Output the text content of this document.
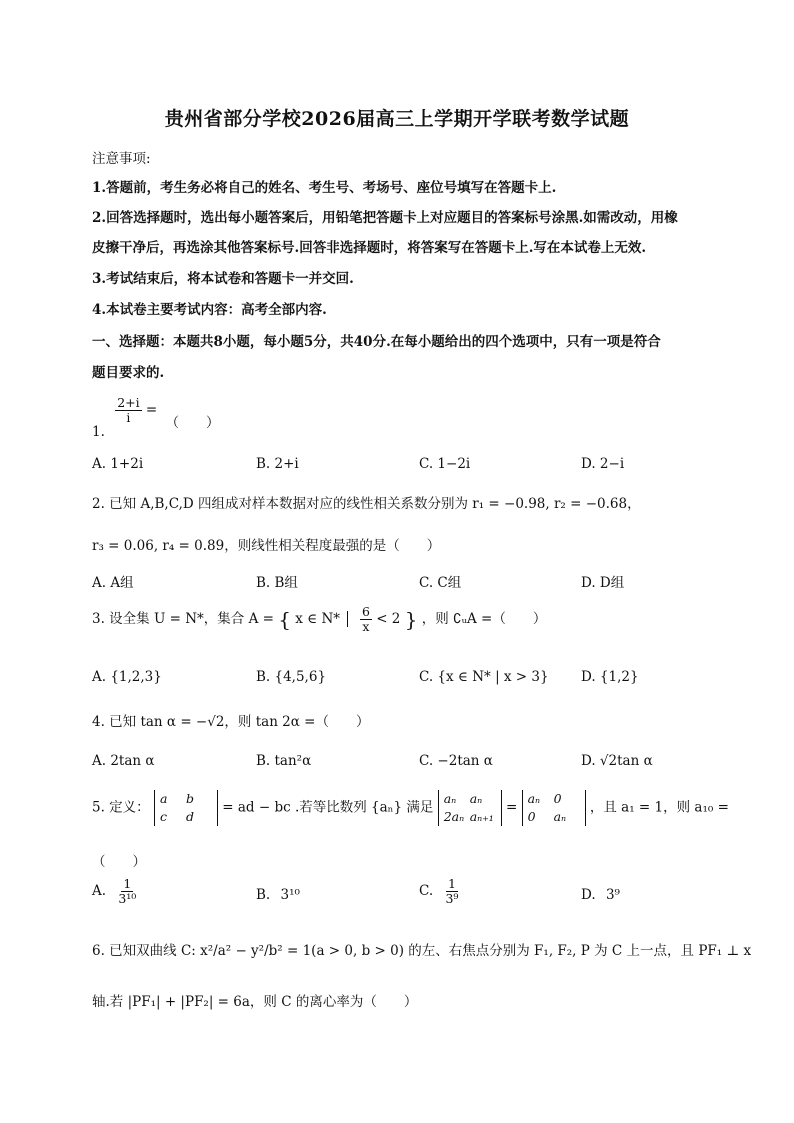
贵州省部分学校2026届高三上学期开学联考数学试题
注意事项:
1.答题前，考生务必将自己的姓名、考生号、考场号、座位号填写在答题卡上.
2.回答选择题时，选出每小题答案后，用铅笔把答题卡上对应题目的答案标号涂黑.如需改动，用橡
皮擦干净后，再选涂其他答案标号.回答非选择题时，将答案写在答题卡上.写在本试卷上无效.
3.考试结束后，将本试卷和答题卡一并交回.
4.本试卷主要考试内容：高考全部内容.
一、选择题：本题共8小题，每小题5分，共40分.在每小题给出的四个选项中，只有一项是符合
题目要求的.
1.
$\frac{2+i}{i}$ = （　　）
A. 1+2i	B. 2+i	C. 1−2i	D. 2−i
2. 已知 A,B,C,D 四组成对样本数据对应的线性相关系数分别为 r₁ = −0.98, r₂ = −0.68，
r₃ = 0.06, r₄ = 0.89，则线性相关程度最强的是（　　）
A. A组	B. B组	C. C组	D. D组
3. 设全集 U = N*，集合 A = { x ∈ $N* \frac{6}{x} < 2$ } ，则 ∁ᵤA =（　　）
A. {1,2,3}	B. {4,5,6}	C. {x ∈ N* | x > 3} D. {1,2}
4. 已知 tan α = −√2，则 tan 2α =（　　）
A. 2tan α	B. tan²α	C. −2tan α	D. √2tan α
5. 定义：
a b
c d
= ad − bc .若等比数列 {aₙ} 满足
aₙ aₙ
2aₙ aₙ₊₁
=
aₙ 0
0 aₙ
，且 a₁ = 1，则 a₁₀ =
（　　）
A. $\frac{1}{\text{3¹⁰}}$	B. 3¹⁰	C. $\frac{1}{\text{3⁹}}$	D. 3⁹
6. 已知双曲线 C: x²/a² − y²/b² = 1(a > 0, b > 0) 的左、右焦点分别为 F₁, F₂, P 为 C 上一点，且 PF₁ ⊥ x
轴.若 |PF₁| + |PF₂| = 6a，则 C 的离心率为（　　）
